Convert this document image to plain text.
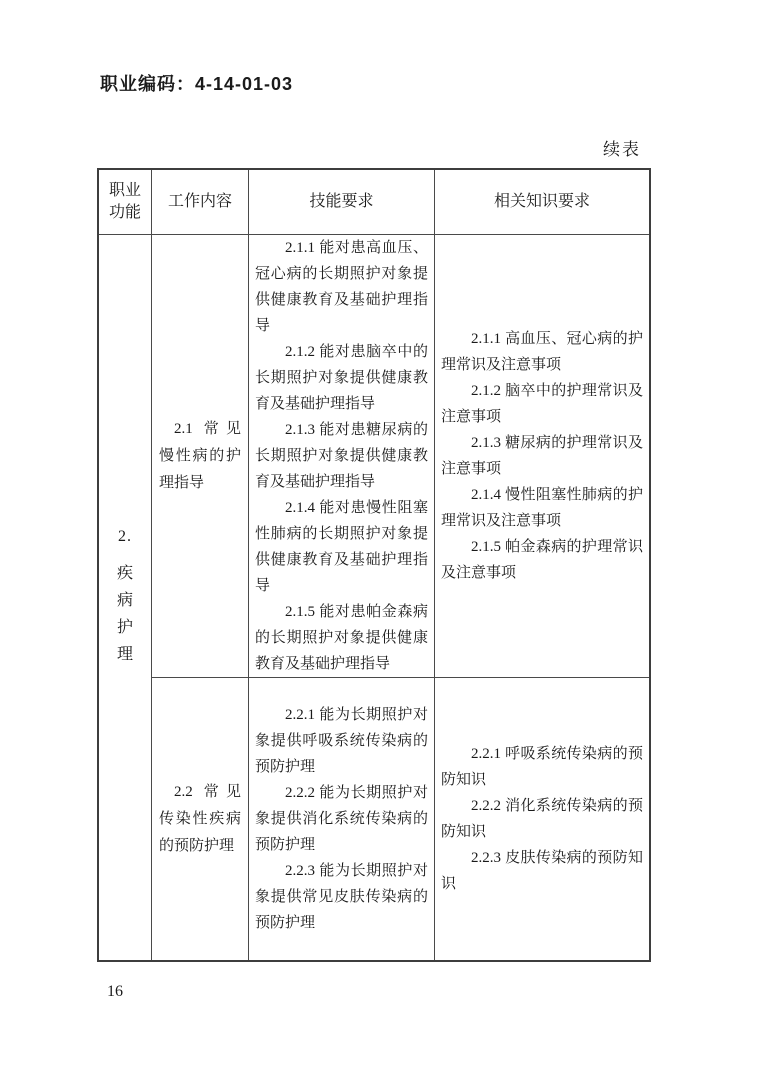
职业编码：4-14-01-03
续表
职业功能
工作内容	技能要求	相关知识要求
2.
疾病护理
2.1 常见慢性病的护理指导

2.1.1 能对患高血压、冠心病的长期照护对象提供健康教育及基础护理指导

2.1.2 能对患脑卒中的长期照护对象提供健康教育及基础护理指导

2.1.3 能对患糖尿病的长期照护对象提供健康教育及基础护理指导

2.1.4 能对患慢性阻塞性肺病的长期照护对象提供健康教育及基础护理指导

2.1.5 能对患帕金森病的长期照护对象提供健康教育及基础护理指导

2.1.1 高血压、冠心病的护理常识及注意事项

2.1.2 脑卒中的护理常识及注意事项

2.1.3 糖尿病的护理常识及注意事项

2.1.4 慢性阻塞性肺病的护理常识及注意事项

2.1.5 帕金森病的护理常识及注意事项

2.2 常见传染性疾病的预防护理

2.2.1 能为长期照护对象提供呼吸系统传染病的预防护理

2.2.2 能为长期照护对象提供消化系统传染病的预防护理

2.2.3 能为长期照护对象提供常见皮肤传染病的预防护理

2.2.1 呼吸系统传染病的预防知识

2.2.2 消化系统传染病的预防知识

2.2.3 皮肤传染病的预防知识

16
